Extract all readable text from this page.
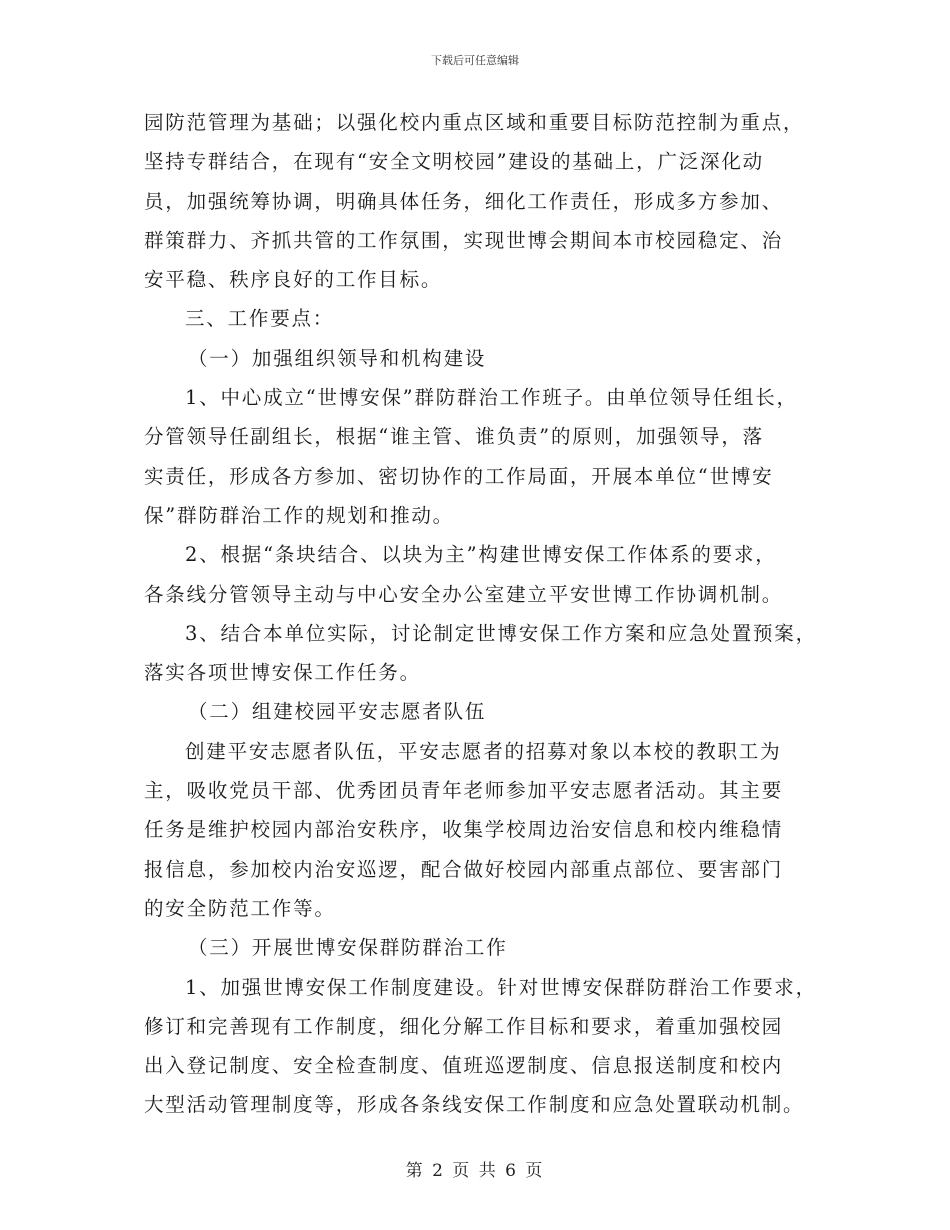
下载后可任意编辑
园防范管理为基础；以强化校内重点区域和重要目标防范控制为重点，
坚持专群结合，在现有“安全文明校园”建设的基础上，广泛深化动
员，加强统筹协调，明确具体任务，细化工作责任，形成多方参加、
群策群力、齐抓共管的工作氛围，实现世博会期间本市校园稳定、治
安平稳、秩序良好的工作目标。
三、工作要点：
（一）加强组织领导和机构建设
1、中心成立“世博安保”群防群治工作班子。由单位领导任组长，
分管领导任副组长，根据“谁主管、谁负责”的原则，加强领导，落
实责任，形成各方参加、密切协作的工作局面，开展本单位“世博安
保”群防群治工作的规划和推动。
2、根据“条块结合、以块为主”构建世博安保工作体系的要求，
各条线分管领导主动与中心安全办公室建立平安世博工作协调机制。
3、结合本单位实际，讨论制定世博安保工作方案和应急处置预案，
落实各项世博安保工作任务。
（二）组建校园平安志愿者队伍
创建平安志愿者队伍，平安志愿者的招募对象以本校的教职工为
主，吸收党员干部、优秀团员青年老师参加平安志愿者活动。其主要
任务是维护校园内部治安秩序，收集学校周边治安信息和校内维稳情
报信息，参加校内治安巡逻，配合做好校园内部重点部位、要害部门
的安全防范工作等。
（三）开展世博安保群防群治工作
1、加强世博安保工作制度建设。针对世博安保群防群治工作要求，
修订和完善现有工作制度，细化分解工作目标和要求，着重加强校园
出入登记制度、安全检查制度、值班巡逻制度、信息报送制度和校内
大型活动管理制度等，形成各条线安保工作制度和应急处置联动机制。
第 2 页 共 6 页
